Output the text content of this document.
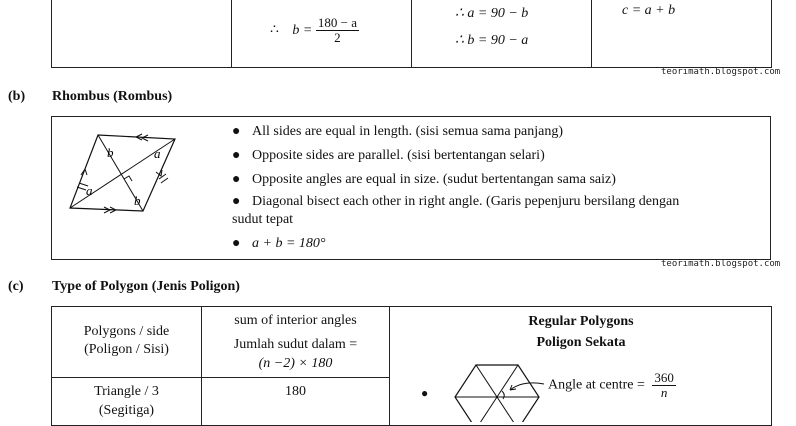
∴ $b = \frac{180 - a}{2}$
∴ a = 90 − b
∴ b = 90 − a
c = a + b
teorimath.blogspot.com
(b) Rhombus (Rombus)
b	a
a
b
● All sides are equal in length. (sisi semua sama panjang)
● Opposite sides are parallel. (sisi bertentangan selari)
● Opposite angles are equal in size. (sudut bertentangan sama saiz)
● Diagonal bisect each other in right angle. (Garis pepenjuru bersilang dengan
sudut tepat
● a + b = 180°
teorimath.blogspot.com
(c) Type of Polygon (Jenis Poligon)
Polygons / side
(Poligon / Sisi)
sum of interior angles
Jumlah sudut dalam =
(n −2) × 180
Triangle / 3
(Segitiga)
180
Regular Polygons
Poligon Sekata
●
Angle at centre = $\frac{360}{n}$
